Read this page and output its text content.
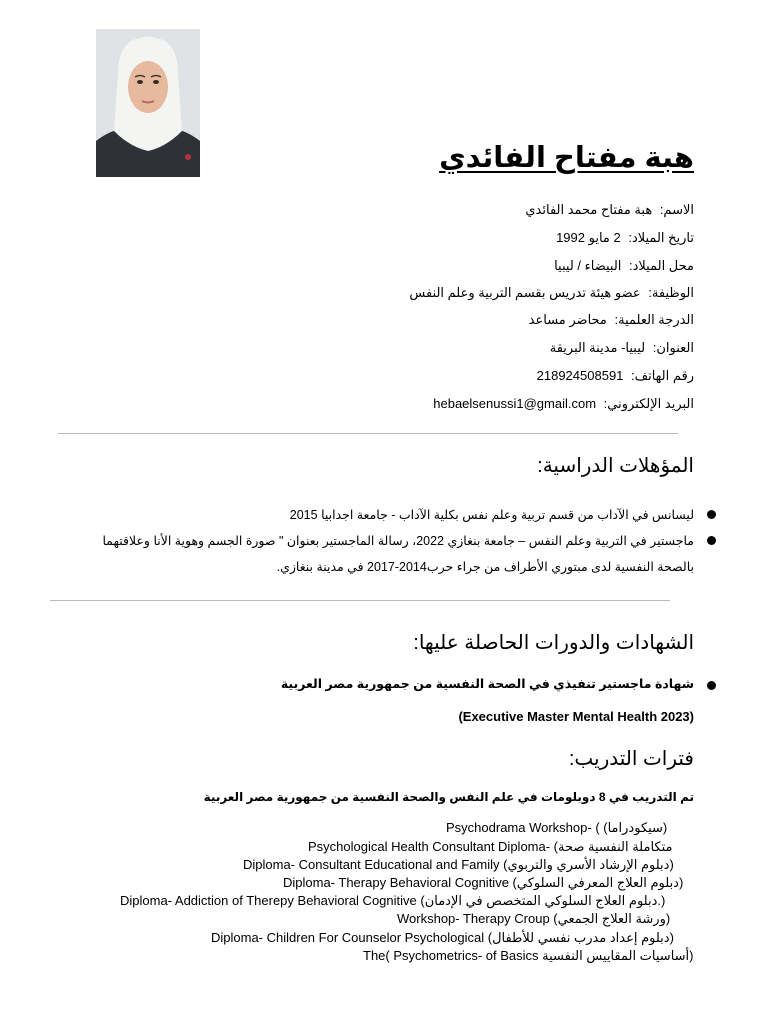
هبة مفتاح الفائدي
الاسم: هبة مفتاح محمد الفائدي
تاريخ الميلاد: 2 مايو 1992
محل الميلاد: البيضاء / ليبيا
الوظيفة: عضو هيئة تدريس بقسم التربية وعلم النفس
الدرجة العلمية: محاضر مساعد
العنوان: ليبيا- مدينة البريقة
رقم الهاتف: 218924508591
البريد الإلكتروني: hebaelsenussi1@gmail.com
المؤهلات الدراسية:
ليسانس في الآداب من قسم تربية وعلم نفس بكلية الآداب - جامعة اجدابيا 2015
ماجستير في التربية وعلم النفس – جامعة بنغازي 2022، رسالة الماجستير بعنوان " صورة الجسم وهوية الأنا وعلاقتهما بالصحة النفسية لدى مبتوري الأطراف من جراء حرب2014-2017 في مدينة بنغازي.
الشهادات والدورات الحاصلة عليها:
شهادة ماجستير تنفيذي في الصحة النفسية من جمهورية مصر العربية
(Executive Master Mental Health 2023)
فترات التدريب:
تم التدريب في 8 دوبلومات في علم النفس والصحة النفسية من جمهورية مصر العربية
Psychodrama Workshop- ( (سيكودراما)
Psychological Health Consultant Diploma- (متكاملة النفسية صحة
Diploma- Consultant Educational and Family (دبلوم الإرشاد الأسري والتربوي)
Diploma- Therapy Behavioral Cognitive (دبلوم العلاج المعرفي السلوكي)
Diploma- Addiction of Therepy Behavioral Cognitive (دبلوم العلاج السلوكي المتخصص في الإدمان.)
Workshop- Therapy Croup (ورشة العلاج الجمعي)
Diploma- Children For Counselor Psychological (دبلوم إعداد مدرب نفسي للأطفال)
The( Psychometrics- of Basics أساسيات المقاييس النفسية)
